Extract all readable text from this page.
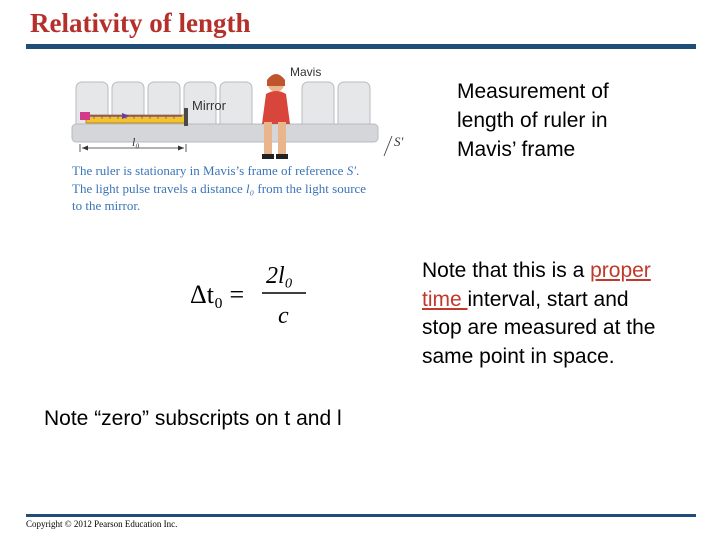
Relativity of length
Mirror
l₀
Mavis
S′
The ruler is stationary in Mavis’s frame of reference S′.
The light pulse travels a distance l₀ from the light source
to the mirror.
Measurement of length of ruler in Mavis’ frame
Δt₀ =
2l₀
c
Note that this is a proper time interval, start and stop are measured at the same point in space.
Note “zero” subscripts on t and l
Copyright © 2012 Pearson Education Inc.
